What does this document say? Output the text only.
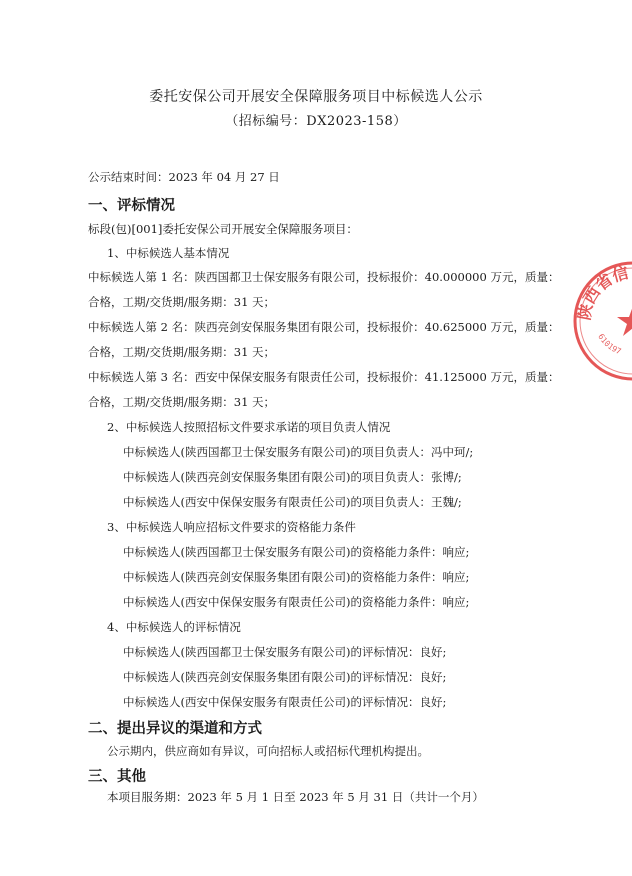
委托安保公司开展安全保障服务项目中标候选人公示
（招标编号：DX2023-158）
公示结束时间：2023 年 04 月 27 日
一、评标情况
标段(包)[001]委托安保公司开展安全保障服务项目：
1、中标候选人基本情况
中标候选人第 1 名：陕西国都卫士保安服务有限公司，投标报价：40.000000 万元，质量：
合格，工期/交货期/服务期：31 天；
中标候选人第 2 名：陕西亮剑安保服务集团有限公司，投标报价：40.625000 万元，质量：
合格，工期/交货期/服务期：31 天；
中标候选人第 3 名：西安中保保安服务有限责任公司，投标报价：41.125000 万元，质量：
合格，工期/交货期/服务期：31 天；
2、中标候选人按照招标文件要求承诺的项目负责人情况
中标候选人(陕西国都卫士保安服务有限公司)的项目负责人：冯中珂/;
中标候选人(陕西亮剑安保服务集团有限公司)的项目负责人：张博/;
中标候选人(西安中保保安服务有限责任公司)的项目负责人：王魏/;
3、中标候选人响应招标文件要求的资格能力条件
中标候选人(陕西国都卫士保安服务有限公司)的资格能力条件：响应;
中标候选人(陕西亮剑安保服务集团有限公司)的资格能力条件：响应;
中标候选人(西安中保保安服务有限责任公司)的资格能力条件：响应;
4、中标候选人的评标情况
中标候选人(陕西国都卫士保安服务有限公司)的评标情况：良好;
中标候选人(陕西亮剑安保服务集团有限公司)的评标情况：良好;
中标候选人(西安中保保安服务有限责任公司)的评标情况：良好;
二、提出异议的渠道和方式
公示期内，供应商如有异议，可向招标人或招标代理机构提出。
三、其他
本项目服务期：2023 年 5 月 1 日至 2023 年 5 月 31 日（共计一个月）
陕西省信
610197
